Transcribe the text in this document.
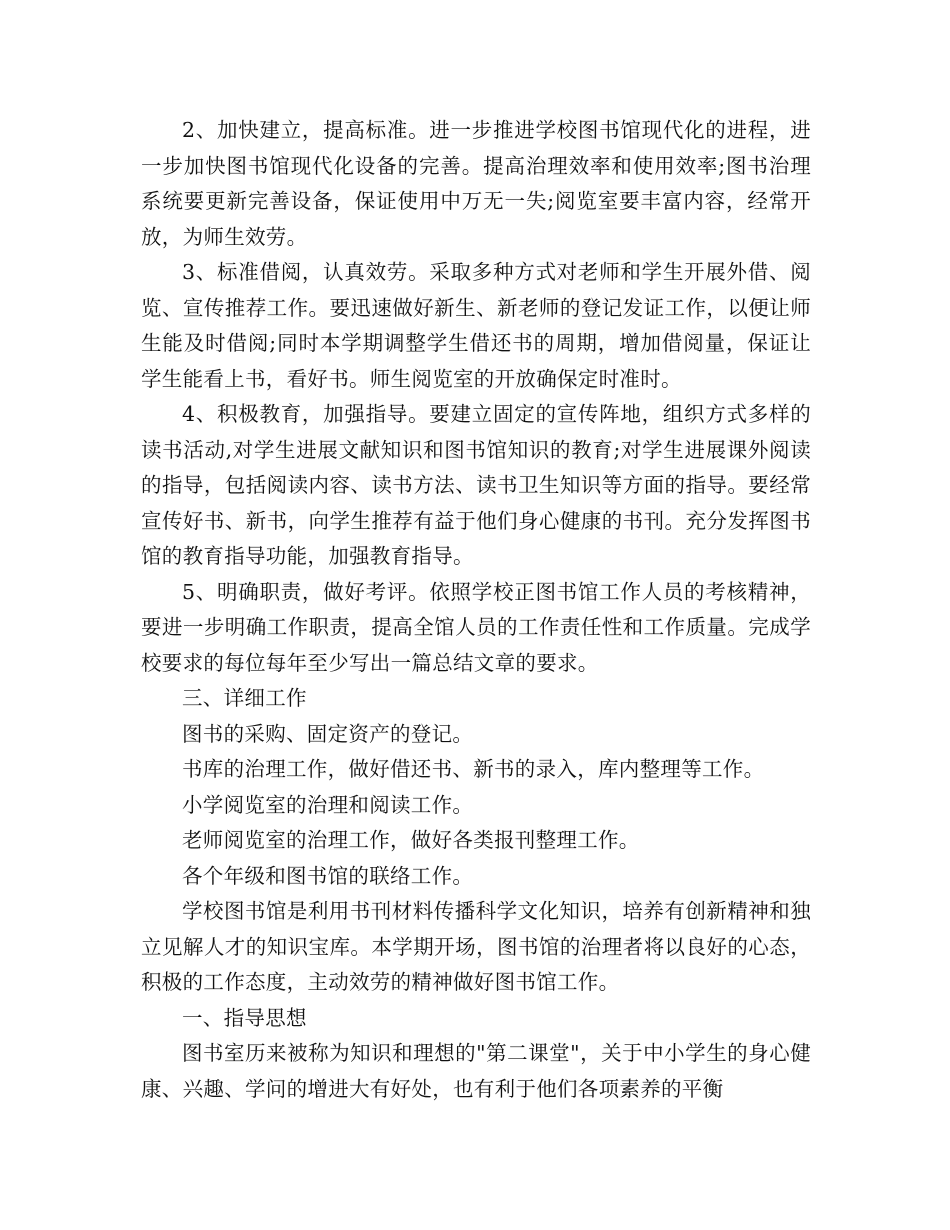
2、加快建立，提高标准。进一步推进学校图书馆现代化的进程，进一步加快图书馆现代化设备的完善。提高治理效率和使用效率;图书治理系统要更新完善设备，保证使用中万无一失;阅览室要丰富内容，经常开放，为师生效劳。

3、标准借阅，认真效劳。采取多种方式对老师和学生开展外借、阅览、宣传推荐工作。要迅速做好新生、新老师的登记发证工作，以便让师生能及时借阅;同时本学期调整学生借还书的周期，增加借阅量，保证让学生能看上书，看好书。师生阅览室的开放确保定时准时。

4、积极教育，加强指导。要建立固定的宣传阵地，组织方式多样的读书活动,对学生进展文献知识和图书馆知识的教育;对学生进展课外阅读的指导，包括阅读内容、读书方法、读书卫生知识等方面的指导。要经常宣传好书、新书，向学生推荐有益于他们身心健康的书刊。充分发挥图书馆的教育指导功能，加强教育指导。

5、明确职责，做好考评。依照学校正图书馆工作人员的考核精神，要进一步明确工作职责，提高全馆人员的工作责任性和工作质量。完成学校要求的每位每年至少写出一篇总结文章的要求。

三、详细工作

图书的采购、固定资产的登记。

书库的治理工作，做好借还书、新书的录入，库内整理等工作。

小学阅览室的治理和阅读工作。

老师阅览室的治理工作，做好各类报刊整理工作。

各个年级和图书馆的联络工作。

学校图书馆是利用书刊材料传播科学文化知识，培养有创新精神和独立见解人才的知识宝库。本学期开场，图书馆的治理者将以良好的心态，积极的工作态度，主动效劳的精神做好图书馆工作。

一、指导思想

图书室历来被称为知识和理想的"第二课堂"，关于中小学生的身心健康、兴趣、学问的增进大有好处，也有利于他们各项素养的平衡
